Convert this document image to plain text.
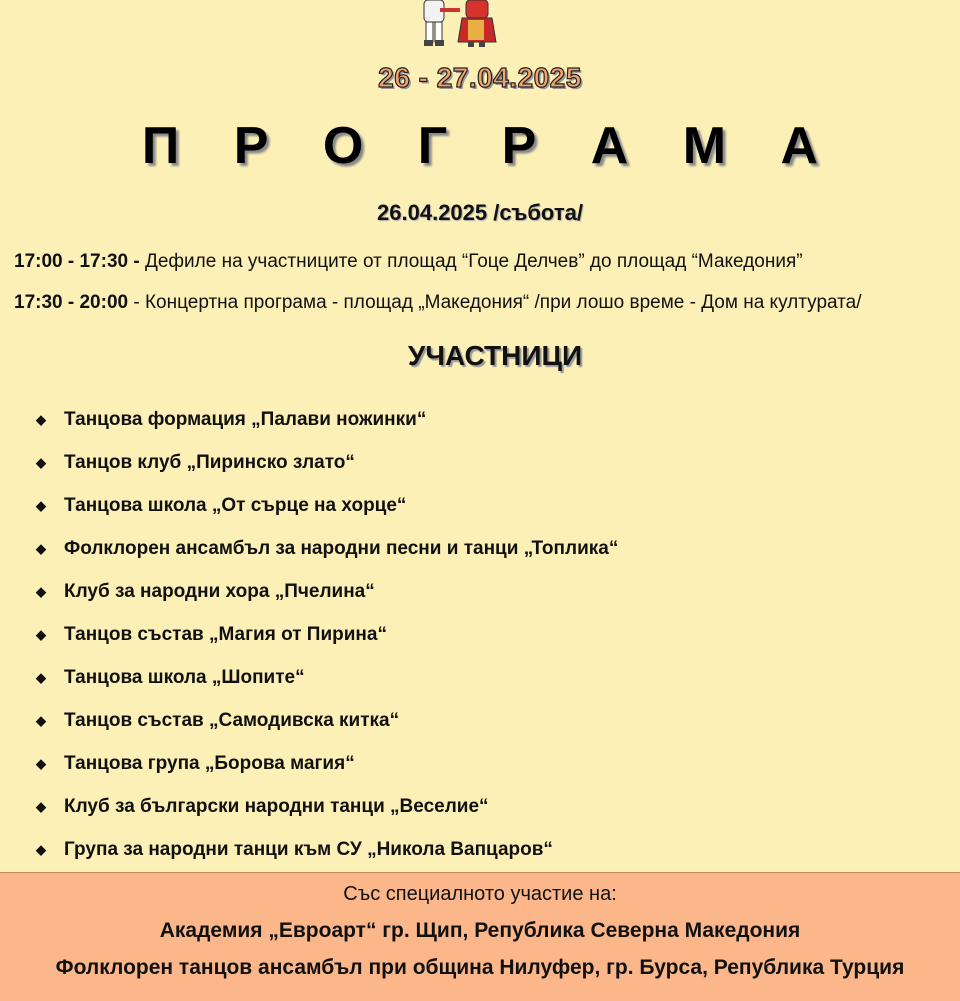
26 - 27.04.2025
П Р О Г Р А М А
26.04.2025 /събота/
17:00 - 17:30 - Дефиле на участниците от площад “Гоце Делчев” до площад “Македония”
17:30 - 20:00 - Концертна програма - площад „Македония“ /при лошо време - Дом на културата/
УЧАСТНИЦИ
◆ Танцова формация „Палави ножинки“
◆ Танцов клуб „Пиринско злато“
◆ Танцова школа „От сърце на хорце“
◆ Фолклорен ансамбъл за народни песни и танци „Топлика“
◆ Клуб за народни хора „Пчелина“
◆ Танцов състав „Магия от Пирина“
◆ Танцова школа „Шопите“
◆ Танцов състав „Самодивска китка“
◆ Танцова група „Борова магия“
◆ Клуб за български народни танци „Веселие“
◆ Група за народни танци към СУ „Никола Вапцаров“
Със специалното участие на:
Академия „Евроарт“ гр. Щип, Република Северна Македония
Фолклорен танцов ансамбъл при община Нилуфер, гр. Бурса, Република Турция
